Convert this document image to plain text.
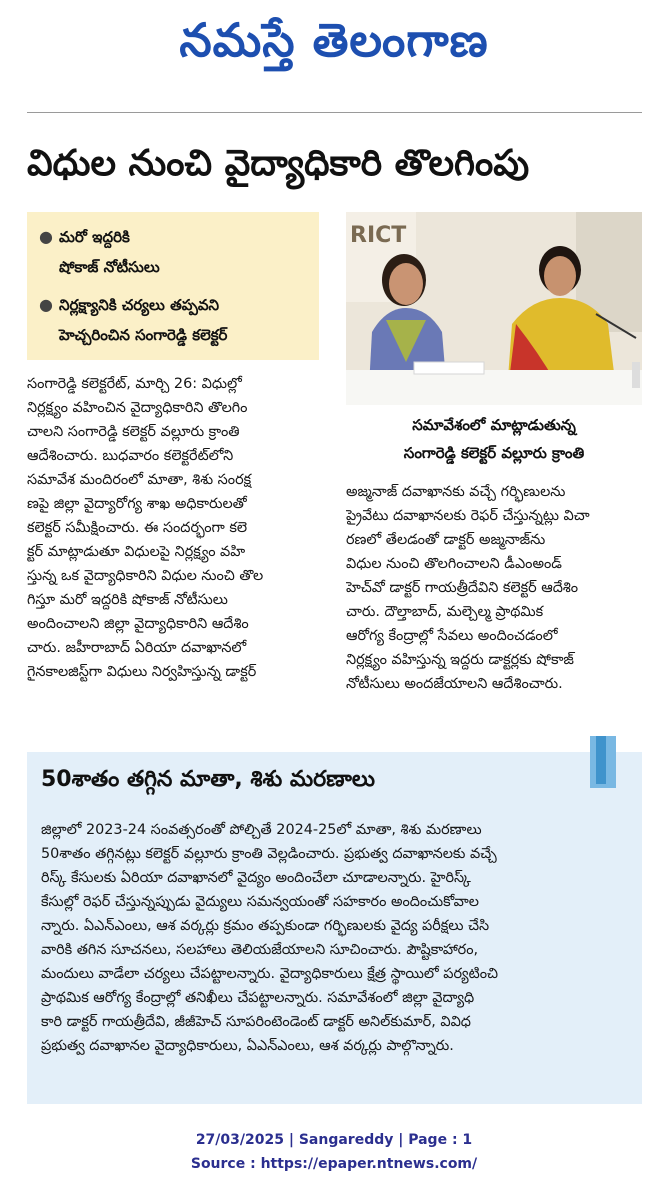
నమస్తే తెలంగాణ
విధుల నుంచి వైద్యాధికారి తొలగింపు
● మరో ఇద్దరికి
షోకాజ్ నోటీసులు
● నిర్లక్ష్యానికి చర్యలు తప్పవని
హెచ్చరించిన సంగారెడ్డి కలెక్టర్
RICT
సమావేశంలో మాట్లాడుతున్న
సంగారెడ్డి కలెక్టర్ వల్లూరు క్రాంతి

సంగారెడ్డి కలెక్టరేట్, మార్చి 26: విధుల్లో

నిర్లక్ష్యం వహించిన వైద్యాధికారిని తొలగిం

చాలని సంగారెడ్డి కలెక్టర్ వల్లూరు క్రాంతి

ఆదేశించారు. బుధవారం కలెక్టరేట్‌లోని

సమావేశ మందిరంలో మాతా, శిశు సంరక్ష

ణపై జిల్లా వైద్యారోగ్య శాఖ అధికారులతో

కలెక్టర్ సమీక్షించారు. ఈ సందర్భంగా కలె

క్టర్ మాట్లాడుతూ విధులపై నిర్లక్ష్యం వహి

స్తున్న ఒక వైద్యాధికారిని విధుల నుంచి తొల

గిస్తూ మరో ఇద్దరికి షోకాజ్ నోటీసులు

అందించాలని జిల్లా వైద్యాధికారిని ఆదేశిం

చారు. జహీరాబాద్ ఏరియా దవాఖానలో

గైనకాలజిస్ట్‌గా విధులు నిర్వహిస్తున్న డాక్టర్

అజ్మనాజ్ దవాఖానకు వచ్చే గర్భిణులను

ప్రైవేటు దవాఖానలకు రెఫర్ చేస్తున్నట్లు విచా

రణలో తేలడంతో డాక్టర్ అజ్మనాజ్‌ను

విధుల నుంచి తొలగించాలని డీఎంఅండ్

హెచ్‌వో డాక్టర్ గాయత్రీదేవిని కలెక్టర్ ఆదేశిం

చారు. దౌల్తాబాద్, మల్చెల్మ ప్రాథమిక

ఆరోగ్య కేంద్రాల్లో సేవలు అందించడంలో

నిర్లక్ష్యం వహిస్తున్న ఇద్దరు డాక్టర్లకు షోకాజ్

నోటీసులు అందజేయాలని ఆదేశించారు.

50శాతం తగ్గిన మాతా, శిశు మరణాలు

జిల్లాలో 2023-24 సంవత్సరంతో పోల్చితే 2024-25లో మాతా, శిశు మరణాలు

50శాతం తగ్గినట్లు కలెక్టర్ వల్లూరు క్రాంతి వెల్లడించారు. ప్రభుత్వ దవాఖానలకు వచ్చే

రిస్క్ కేసులకు ఏరియా దవాఖానలో వైద్యం అందించేలా చూడాలన్నారు. హైరిస్క్

కేసుల్లో రెఫర్ చేస్తున్నప్పుడు వైద్యులు సమన్వయంతో సహకారం అందించుకోవాల

న్నారు. ఏఎన్ఎంలు, ఆశ వర్కర్లు క్రమం తప్పకుండా గర్భిణులకు వైద్య పరీక్షలు చేసి

వారికి తగిన సూచనలు, సలహాలు తెలియజేయాలని సూచించారు. పౌష్టికాహారం,

మందులు వాడేలా చర్యలు చేపట్టాలన్నారు. వైద్యాధికారులు క్షేత్ర స్థాయిలో పర్యటించి

ప్రాథమిక ఆరోగ్య కేంద్రాల్లో తనిఖీలు చేపట్టాలన్నారు. సమావేశంలో జిల్లా వైద్యాధి

కారి డాక్టర్ గాయత్రీదేవి, జీజీహెచ్ సూపరింటెండెంట్ డాక్టర్ అనిల్‌కుమార్, వివిధ

ప్రభుత్వ దవాఖానల వైద్యాధికారులు, ఏఎన్ఎంలు, ఆశ వర్కర్లు పాల్గొన్నారు.

27/03/2025 | Sangareddy | Page : 1
Source : https://epaper.ntnews.com/
